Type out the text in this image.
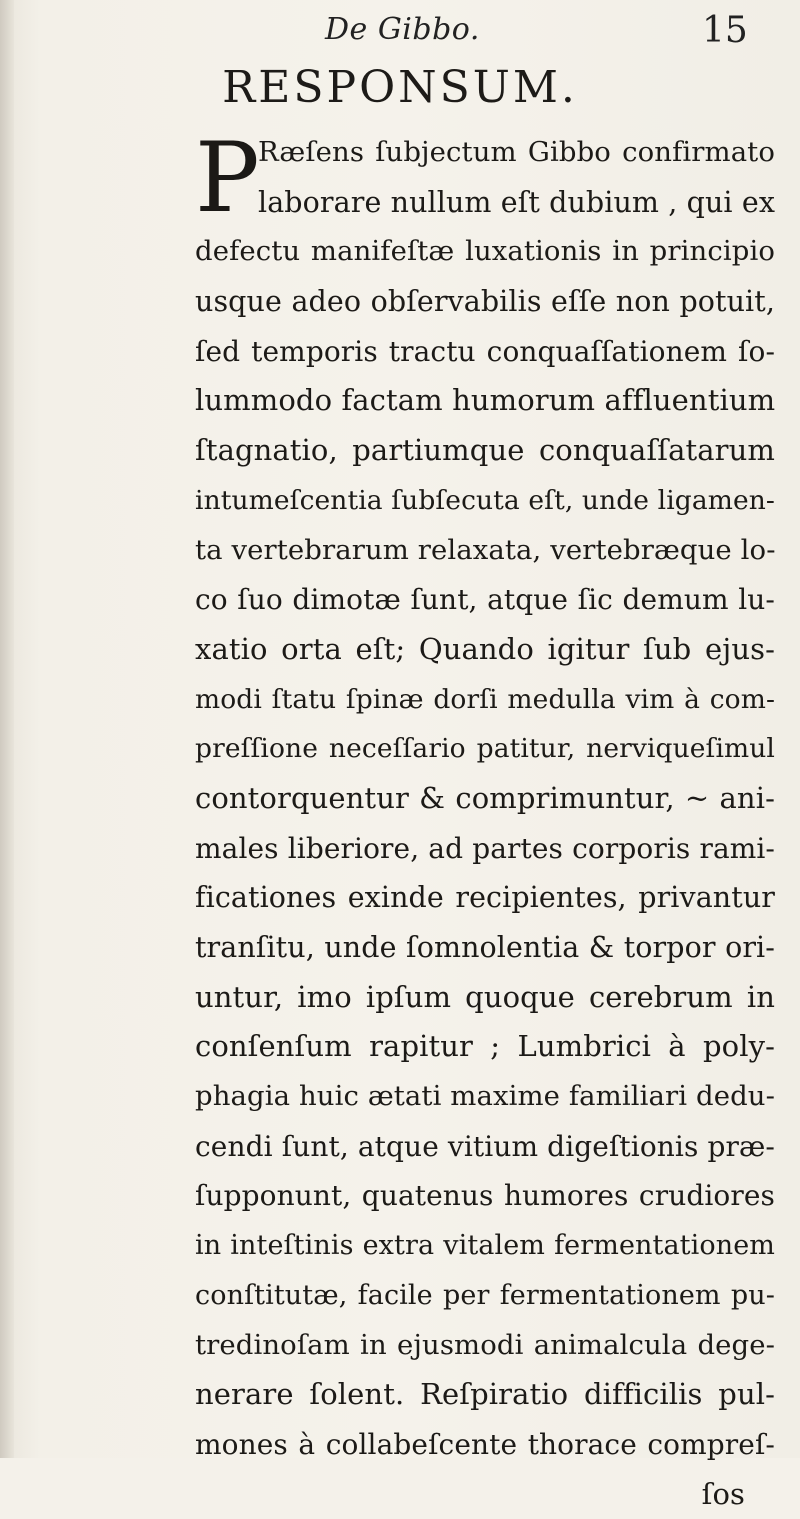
De Gibbo.	15
RESPONSUM.
P
Ræſens ſubjectum Gibbo confirmato
laborare nullum eſt dubium , qui ex
defectu manifeſtæ luxationis in principio
usque adeo obſervabilis eſſe non potuit,
ſed temporis tractu conquaſſationem ſo-
lummodo factam humorum affluentium
ſtagnatio, partiumque conquaſſatarum
intumeſcentia ſubſecuta eſt, unde ligamen-
ta vertebrarum relaxata, vertebræque lo-
co ſuo dimotæ ſunt, atque ſic demum lu-
xatio orta eſt; Quando igitur ſub ejus-
modi ſtatu ſpinæ dorſi medulla vim à com-
preſſione neceſſario patitur, nerviqueſimul
contorquentur & comprimuntur, ~ ani-
males liberiore, ad partes corporis rami-
ficationes exinde recipientes, privantur
tranſitu, unde ſomnolentia & torpor ori-
untur, imo ipſum quoque cerebrum in
conſenſum rapitur ; Lumbrici à poly-
phagia huic ætati maxime familiari dedu-
cendi ſunt, atque vitium digeſtionis præ-
ſupponunt, quatenus humores crudiores
in inteſtinis extra vitalem fermentationem
conſtitutæ, facile per fermentationem pu-
tredinoſam in ejusmodi animalcula dege-
nerare ſolent. Reſpiratio difficilis pul-
mones à collabeſcente thorace compreſ-
ſos
